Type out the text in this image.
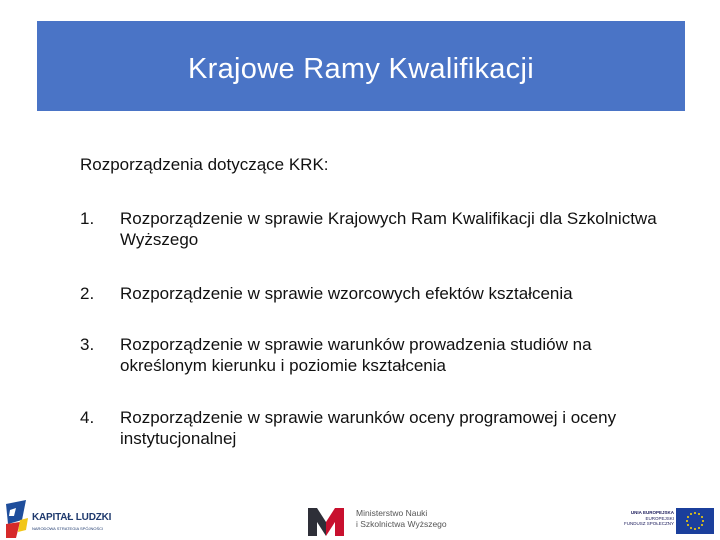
Krajowe Ramy Kwalifikacji
Rozporządzenia dotyczące KRK:
1.	Rozporządzenie w sprawie Krajowych Ram Kwalifikacji dla Szkolnictwa Wyższego
2.	Rozporządzenie w sprawie wzorcowych efektów kształcenia
3.	Rozporządzenie w sprawie warunków prowadzenia studiów na określonym kierunku i poziomie kształcenia
4.	Rozporządzenie w sprawie warunków oceny programowej i oceny instytucjonalnej
KAPITAŁ LUDZKI
NARODOWA STRATEGIA SPÓJNOŚCI
Ministerstwo Nauki
i Szkolnictwa Wyższego
UNIA EUROPEJSKA
EUROPEJSKI
FUNDUSZ SPOŁECZNY
